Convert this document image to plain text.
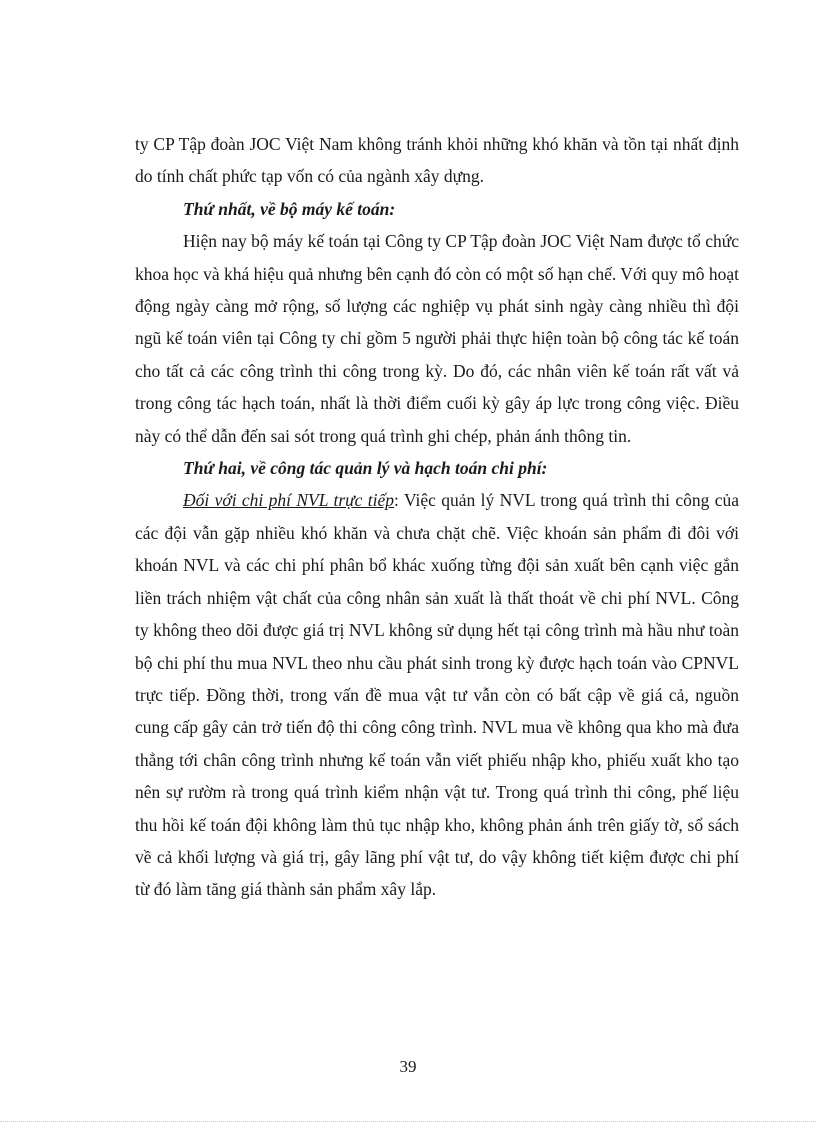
ty CP Tập đoàn JOC Việt Nam không tránh khỏi những khó khăn và tồn tại nhất định do tính chất phức tạp vốn có của ngành xây dựng.

Thứ nhất, về bộ máy kế toán:

Hiện nay bộ máy kế toán tại Công ty CP Tập đoàn JOC Việt Nam được tổ chức khoa học và khá hiệu quả nhưng bên cạnh đó còn có một số hạn chế. Với quy mô hoạt động ngày càng mở rộng, số lượng các nghiệp vụ phát sinh ngày càng nhiều thì đội ngũ kế toán viên tại Công ty chỉ gồm 5 người phải thực hiện toàn bộ công tác kế toán cho tất cả các công trình thi công trong kỳ. Do đó, các nhân viên kế toán rất vất vả trong công tác hạch toán, nhất là thời điểm cuối kỳ gây áp lực trong công việc. Điều này có thể dẫn đến sai sót trong quá trình ghi chép, phản ánh thông tin.

Thứ hai, về công tác quản lý và hạch toán chi phí:

Đối với chi phí NVL trực tiếp: Việc quản lý NVL trong quá trình thi công của các đội vẫn gặp nhiều khó khăn và chưa chặt chẽ. Việc khoán sản phẩm đi đôi với khoán NVL và các chi phí phân bổ khác xuống từng đội sản xuất bên cạnh việc gắn liền trách nhiệm vật chất của công nhân sản xuất là thất thoát về chi phí NVL. Công ty không theo dõi được giá trị NVL không sử dụng hết tại công trình mà hầu như toàn bộ chi phí thu mua NVL theo nhu cầu phát sinh trong kỳ được hạch toán vào CPNVL trực tiếp. Đồng thời, trong vấn đề mua vật tư vẫn còn có bất cập về giá cả, nguồn cung cấp gây cản trở tiến độ thi công công trình. NVL mua về không qua kho mà đưa thẳng tới chân công trình nhưng kế toán vẫn viết phiếu nhập kho, phiếu xuất kho tạo nên sự rườm rà trong quá trình kiểm nhận vật tư. Trong quá trình thi công, phế liệu thu hồi kế toán đội không làm thủ tục nhập kho, không phản ánh trên giấy tờ, sổ sách về cả khối lượng và giá trị, gây lãng phí vật tư, do vậy không tiết kiệm được chi phí từ đó làm tăng giá thành sản phẩm xây lắp.

39
